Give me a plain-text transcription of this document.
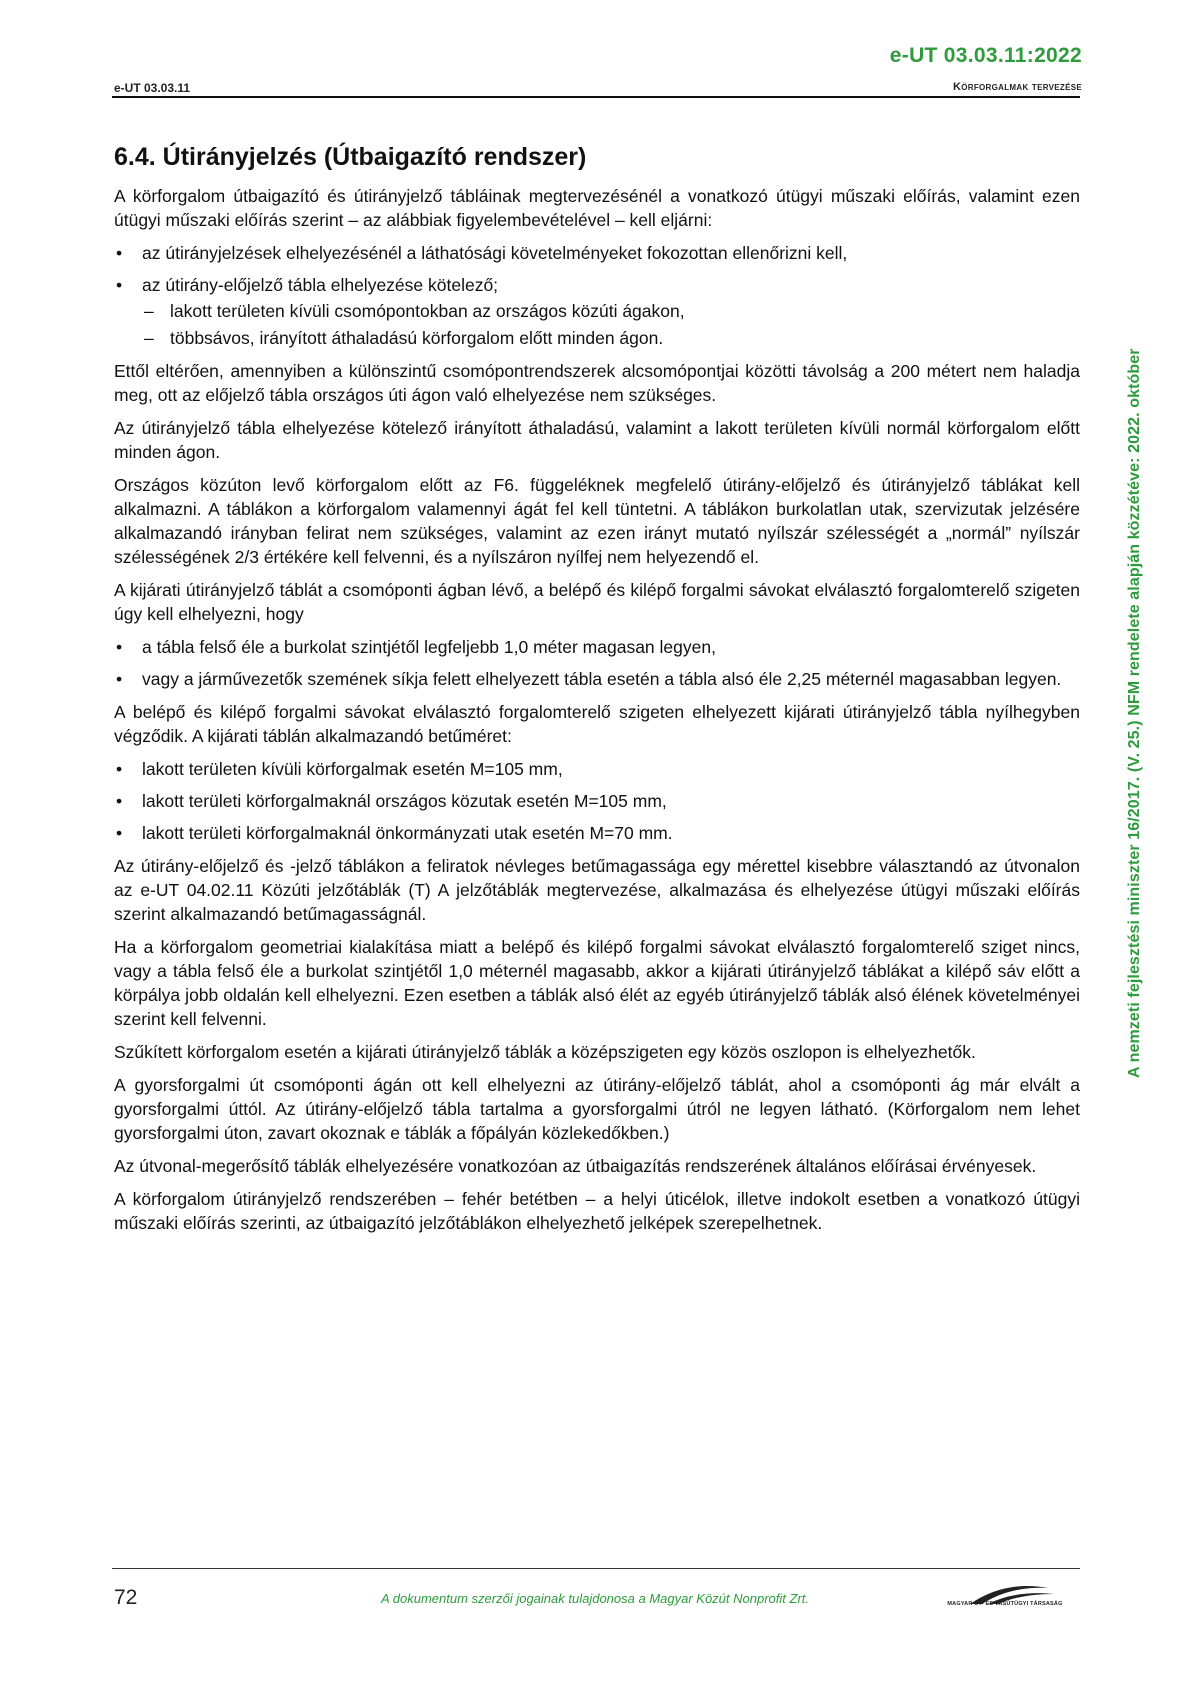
e-UT 03.03.11:2022
e-UT 03.03.11	Körforgalmak tervezése
A nemzeti fejlesztési miniszter 16/2017. (V. 25.) NFM rendelete alapján közzétéve: 2022. október
6.4. Útirányjelzés (Útbaigazító rendszer)

A körforgalom útbaigazító és útirányjelző tábláinak megtervezésénél a vonatkozó útügyi műszaki előírás, valamint ezen útügyi műszaki előírás szerint – az alábbiak figyelembevételével – kell eljárni:

• az útirányjelzések elhelyezésénél a láthatósági követelményeket fokozottan ellenőrizni kell,
• az útirány-előjelző tábla elhelyezése kötelező;
– lakott területen kívüli csomópontokban az országos közúti ágakon,
– többsávos, irányított áthaladású körforgalom előtt minden ágon.

Ettől eltérően, amennyiben a különszintű csomópontrendszerek alcsomópontjai közötti távolság a 200 métert nem haladja meg, ott az előjelző tábla országos úti ágon való elhelyezése nem szükséges.

Az útirányjelző tábla elhelyezése kötelező irányított áthaladású, valamint a lakott területen kívüli normál körforgalom előtt minden ágon.

Országos közúton levő körforgalom előtt az F6. függeléknek megfelelő útirány-előjelző és útirányjelző táblákat kell alkalmazni. A táblákon a körforgalom valamennyi ágát fel kell tüntetni. A táblákon burkolatlan utak, szervizutak jelzésére alkalmazandó irányban felirat nem szükséges, valamint az ezen irányt mutató nyílszár szélességét a „normál” nyílszár szélességének 2/3 értékére kell felvenni, és a nyílszáron nyílfej nem helyezendő el.

A kijárati útirányjelző táblát a csomóponti ágban lévő, a belépő és kilépő forgalmi sávokat elválasztó forgalomterelő szigeten úgy kell elhelyezni, hogy

• a tábla felső éle a burkolat szintjétől legfeljebb 1,0 méter magasan legyen,
• vagy a járművezetők szemének síkja felett elhelyezett tábla esetén a tábla alsó éle 2,25 méternél magasabban legyen.

A belépő és kilépő forgalmi sávokat elválasztó forgalomterelő szigeten elhelyezett kijárati útirányjelző tábla nyílhegyben végződik. A kijárati táblán alkalmazandó betűméret:

• lakott területen kívüli körforgalmak esetén M=105 mm,
• lakott területi körforgalmaknál országos közutak esetén M=105 mm,
• lakott területi körforgalmaknál önkormányzati utak esetén M=70 mm.

Az útirány-előjelző és -jelző táblákon a feliratok névleges betűmagassága egy mérettel kisebbre választandó az útvonalon az e-UT 04.02.11 Közúti jelzőtáblák (T) A jelzőtáblák megtervezése, alkalmazása és elhelyezése útügyi műszaki előírás szerint alkalmazandó betűmagasságnál.

Ha a körforgalom geometriai kialakítása miatt a belépő és kilépő forgalmi sávokat elválasztó forgalomterelő sziget nincs, vagy a tábla felső éle a burkolat szintjétől 1,0 méternél magasabb, akkor a kijárati útirányjelző táblákat a kilépő sáv előtt a körpálya jobb oldalán kell elhelyezni. Ezen esetben a táblák alsó élét az egyéb útirányjelző táblák alsó élének követelményei szerint kell felvenni.

Szűkített körforgalom esetén a kijárati útirányjelző táblák a középszigeten egy közös oszlopon is elhelyezhetők.

A gyorsforgalmi út csomóponti ágán ott kell elhelyezni az útirány-előjelző táblát, ahol a csomóponti ág már elvált a gyorsforgalmi úttól. Az útirány-előjelző tábla tartalma a gyorsforgalmi útról ne legyen látható. (Körforgalom nem lehet gyorsforgalmi úton, zavart okoznak e táblák a főpályán közlekedőkben.)

Az útvonal-megerősítő táblák elhelyezésére vonatkozóan az útbaigazítás rendszerének általános előírásai érvényesek.

A körforgalom útirányjelző rendszerében – fehér betétben – a helyi úticélok, illetve indokolt esetben a vonatkozó útügyi műszaki előírás szerinti, az útbaigazító jelzőtáblákon elhelyezhető jelképek szerepelhetnek.

72	A dokumentum szerzői jogainak tulajdonosa a Magyar Közút Nonprofit Zrt.	MAGYAR ÚT- ÉS VASÚTÜGYI TÁRSASÁG
